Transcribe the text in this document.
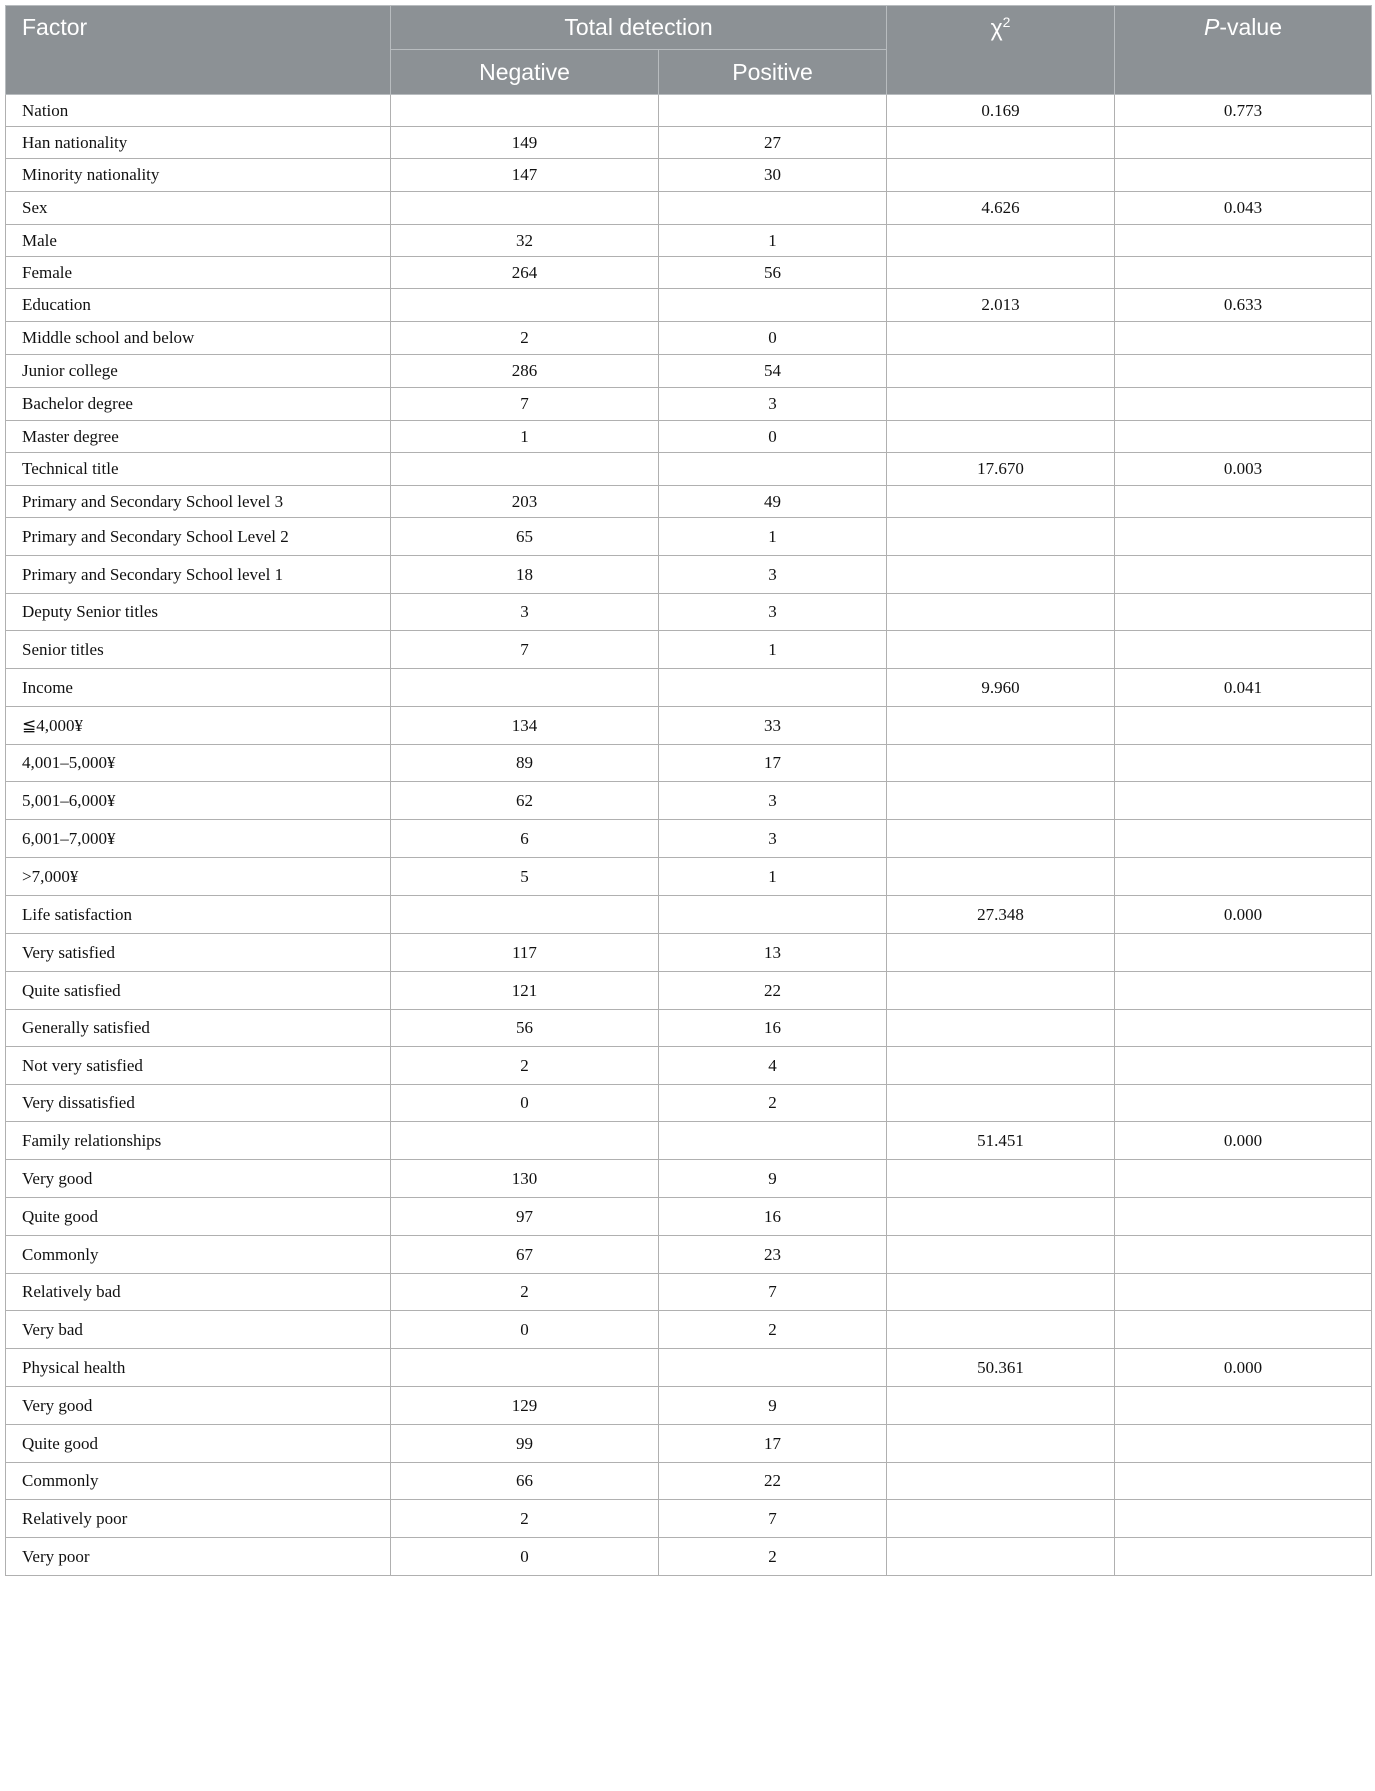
Factor	Total detection		$\chi^2$	P-value
	Negative	Positive		
Nation			0.169	0.773
Han nationality	149	27		
Minority nationality	147	30		
Sex			4.626	0.043
Male	32	1		
Female	264	56		
Education			2.013	0.633
Middle school and below	2	0		
Junior college	286	54		
Bachelor degree	7	3		
Master degree	1	0		
Technical title			17.670	0.003
Primary and Secondary School level 3	203	49		
Primary and Secondary School Level 2	65	1		
Primary and Secondary School level 1	18	3		
Deputy Senior titles	3	3		
Senior titles	7	1		
Income			9.960	0.041
≦4,000¥	134	33		
4,001–5,000¥	89	17		
5,001–6,000¥	62	3		
6,001–7,000¥	6	3		
>7,000¥	5	1		
Life satisfaction			27.348	0.000
Very satisfied	117	13		
Quite satisfied	121	22		
Generally satisfied	56	16		
Not very satisfied	2	4		
Very dissatisfied	0	2		
Family relationships			51.451	0.000
Very good	130	9		
Quite good	97	16		
Commonly	67	23		
Relatively bad	2	7		
Very bad	0	2		
Physical health			50.361	0.000
Very good	129	9		
Quite good	99	17		
Commonly	66	22		
Relatively poor	2	7		
Very poor	0	2		
